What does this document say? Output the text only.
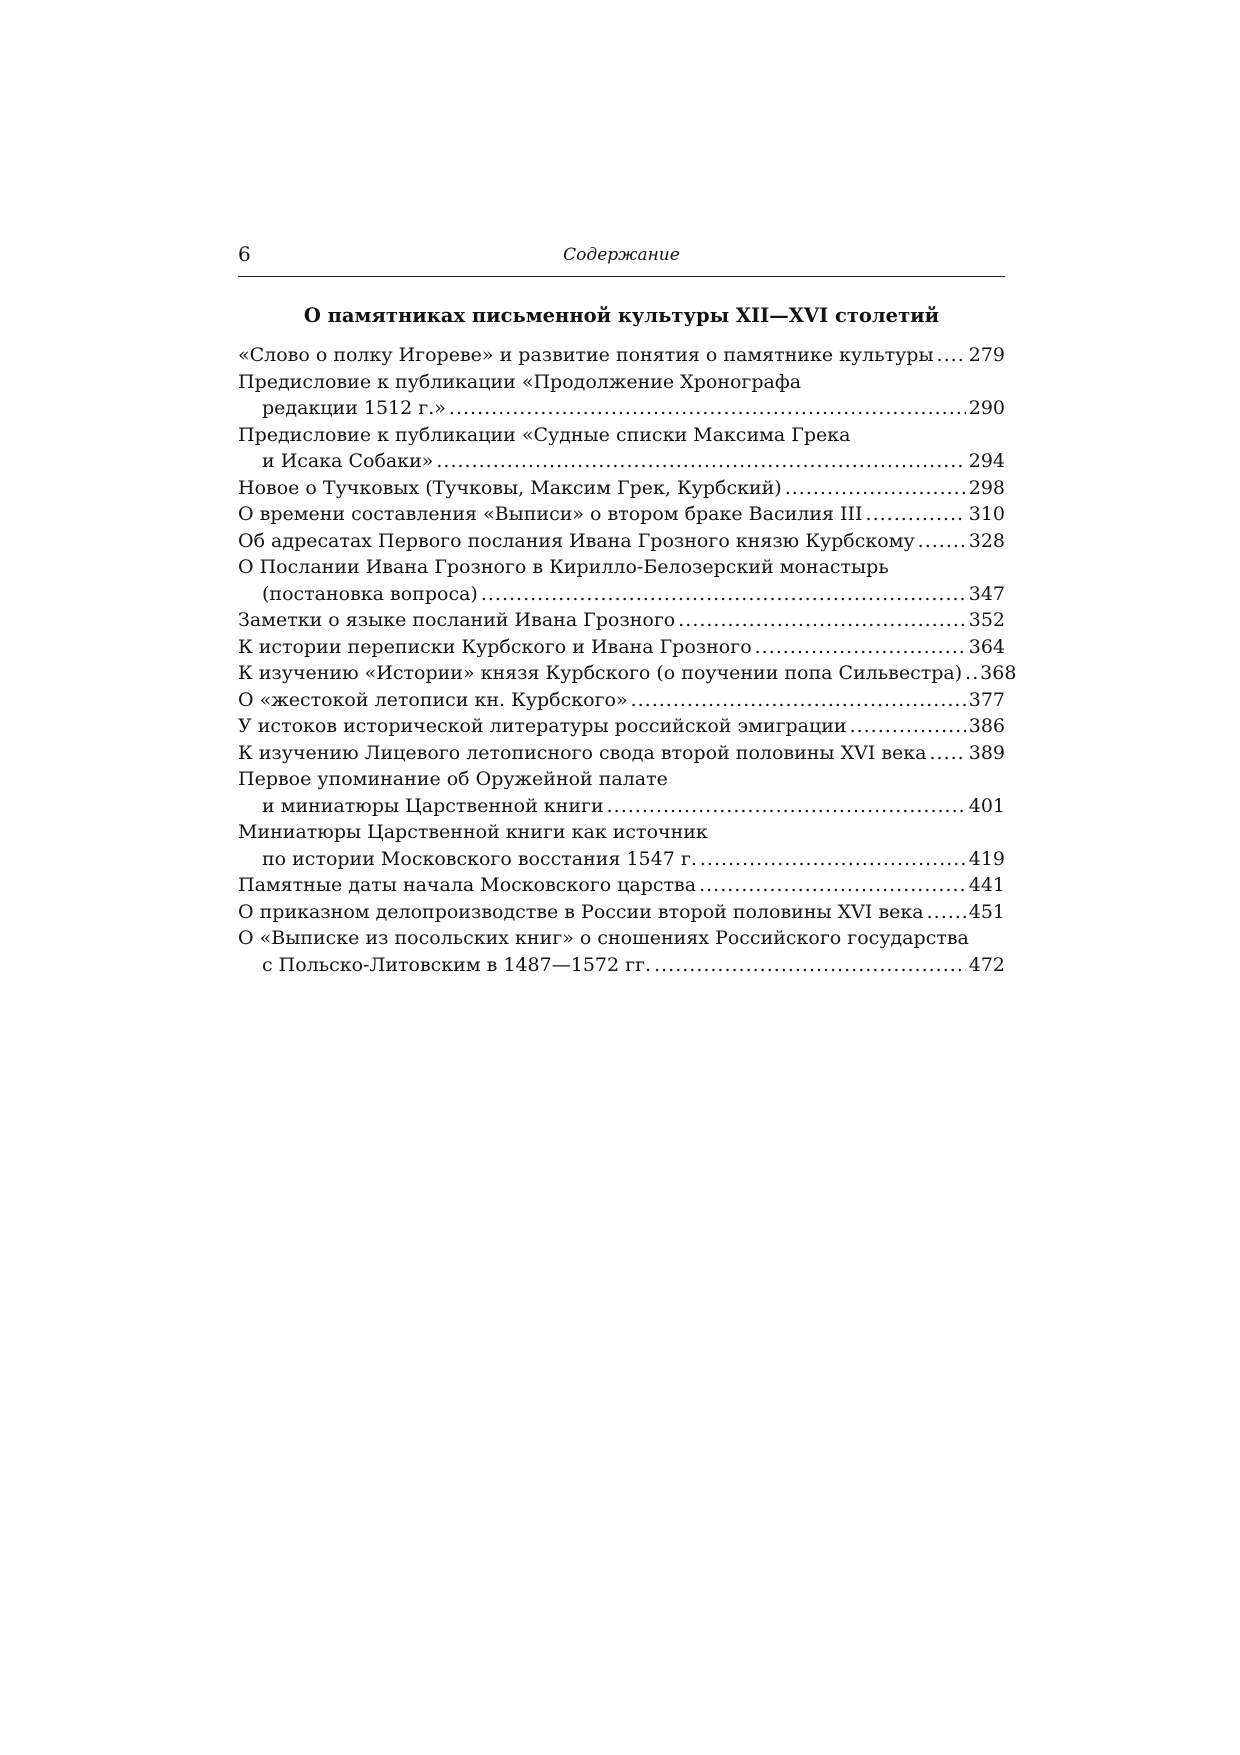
6	Содержание
О памятниках письменной культуры XII—XVI столетий
«Слово о полку Игореве» и развитие понятия о памятнике культуры ..... 279
Предисловие к публикации «Продолжение Хронографа
редакции 1512 г.» .....	290
Предисловие к публикации «Судные списки Максима Грека
и Исака Собаки» .....	294
Новое о Тучковых (Тучковы, Максим Грек, Курбский) .....	298
О времени составления «Выписи» о втором браке Василия III .....	310
Об адресатах Первого послания Ивана Грозного князю Курбскому .....	328
О Послании Ивана Грозного в Кирилло-Белозерский монастырь
(постановка вопроса) .....	347
Заметки о языке посланий Ивана Грозного .....	352
К истории переписки Курбского и Ивана Грозного .....	364
К изучению «Истории» князя Курбского (о поучении попа Сильвестра) ..... 368
О «жестокой летописи кн. Курбского» .....	377
У истоков исторической литературы российской эмиграции .....	386
К изучению Лицевого летописного свода второй половины XVI века ..... 389
Первое упоминание об Оружейной палате
и миниатюры Царственной книги .....	401
Миниатюры Царственной книги как источник
по истории Московского восстания 1547 г. .....	419
Памятные даты начала Московского царства .....	441
О приказном делопроизводстве в России второй половины XVI века ..... 451
О «Выписке из посольских книг» о сношениях Российского государства
с Польско-Литовским в 1487—1572 гг. .....	472
